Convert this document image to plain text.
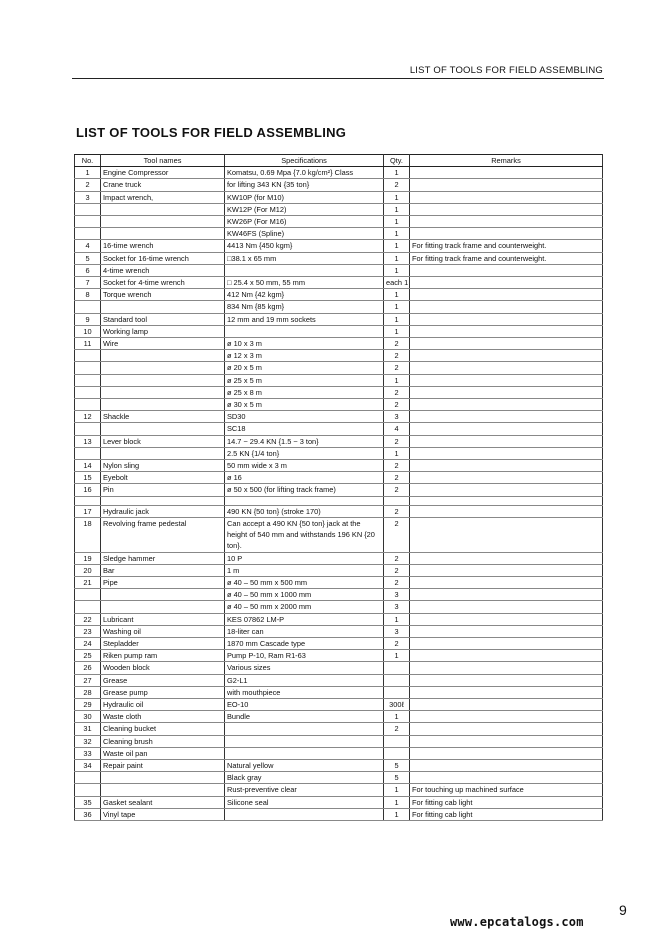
LIST OF TOOLS FOR FIELD ASSEMBLING
LIST OF TOOLS FOR FIELD ASSEMBLING
No.	Tool names	Specifications	Qty.	Remarks
1	Engine Compressor	Komatsu, 0.69 Mpa {7.0 kg/cm²} Class	1	
2	Crane truck	for lifting 343 KN {35 ton}	2	
3	Impact wrench,	KW10P (for M10)	1	
		KW12P (For M12)	1	
		KW26P (For M16)	1	
		KW46FS (Spline)	1	
4	16-time wrench	4413 Nm {450 kgm}	1	For fitting track frame and counterweight.
5	Socket for 16-time wrench	□38.1 x 65 mm	1	For fitting track frame and counterweight.
6	4-time wrench		1	
7	Socket for 4-time wrench	□ 25.4 x 50 mm, 55 mm	each 1	
8	Torque wrench	412 Nm {42 kgm}	1	
		834 Nm {85 kgm}	1	
9	Standard tool	12 mm and 19 mm sockets	1	
10	Working lamp		1	
11	Wire	ø 10 x 3 m	2	
		ø 12 x 3 m	2	
		ø 20 x 5 m	2	
		ø 25 x 5 m	1	
		ø 25 x 8 m	2	
		ø 30 x 5 m	2	
12	Shackle	SD30	3	
		SC18	4	
13	Lever block	14.7 ~ 29.4 KN {1.5 ~ 3 ton}	2	
		2.5 KN {1/4 ton}	1	
14	Nylon sling	50 mm wide x 3 m	2	
15	Eyebolt	ø 16	2	
16	Pin	ø 50 x 500 (for lifting track frame)	2	

17	Hydraulic jack	490 KN {50 ton} (stroke 170)	2	
18	Revolving frame pedestal	Can accept a 490 KN {50 ton} jack at the height of 540 mm and withstands 196 KN {20 ton}.	2	
19	Sledge hammer	10 P	2	
20	Bar	1 m	2	
21	Pipe	ø 40 – 50 mm x 500 mm	2	
		ø 40 – 50 mm x 1000 mm	3	
		ø 40 – 50 mm x 2000 mm	3	
22	Lubricant	KES 07862 LM-P	1	
23	Washing oil	18-liter can	3	
24	Stepladder	1870 mm Cascade type	2	
25	Riken pump ram	Pump P-10, Ram R1-63	1	
26	Wooden block	Various sizes		
27	Grease	G2-L1		
28	Grease pump	with mouthpiece		
29	Hydraulic oil	EO-10	300ℓ	
30	Waste cloth	Bundle	1	
31	Cleaning bucket		2	
32	Cleaning brush			
33	Waste oil pan			
34	Repair paint	Natural yellow	5	
		Black gray	5	
		Rust-preventive clear	1	For touching up machined surface
35	Gasket sealant	Silicone seal	1	For fitting cab light
36	Vinyl tape		1	For fitting cab light
9
www.epcatalogs.com
